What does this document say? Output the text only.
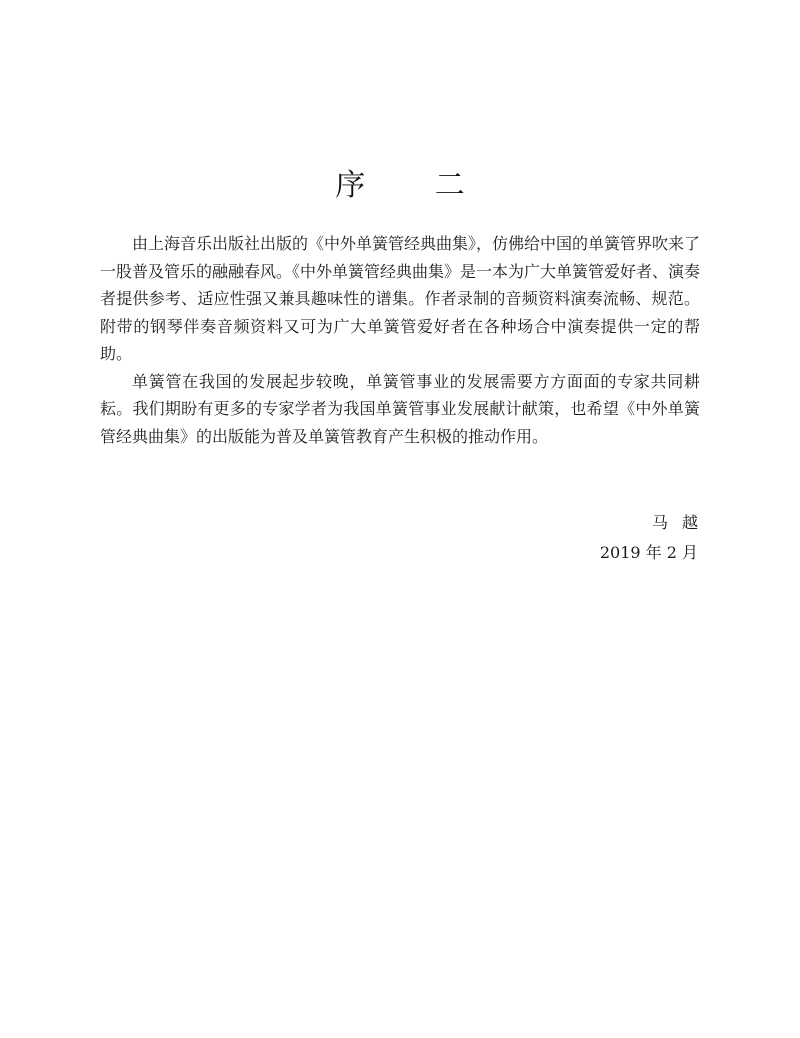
序 二

由上海音乐出版社出版的《中外单簧管经典曲集》，仿佛给中国的单簧管界吹来了一股普及管乐的融融春风。《中外单簧管经典曲集》是一本为广大单簧管爱好者、演奏者提供参考、适应性强又兼具趣味性的谱集。作者录制的音频资料演奏流畅、规范。附带的钢琴伴奏音频资料又可为广大单簧管爱好者在各种场合中演奏提供一定的帮助。

单簧管在我国的发展起步较晚，单簧管事业的发展需要方方面面的专家共同耕耘。我们期盼有更多的专家学者为我国单簧管事业发展献计献策，也希望《中外单簧管经典曲集》的出版能为普及单簧管教育产生积极的推动作用。

马越
2019 年 2 月
